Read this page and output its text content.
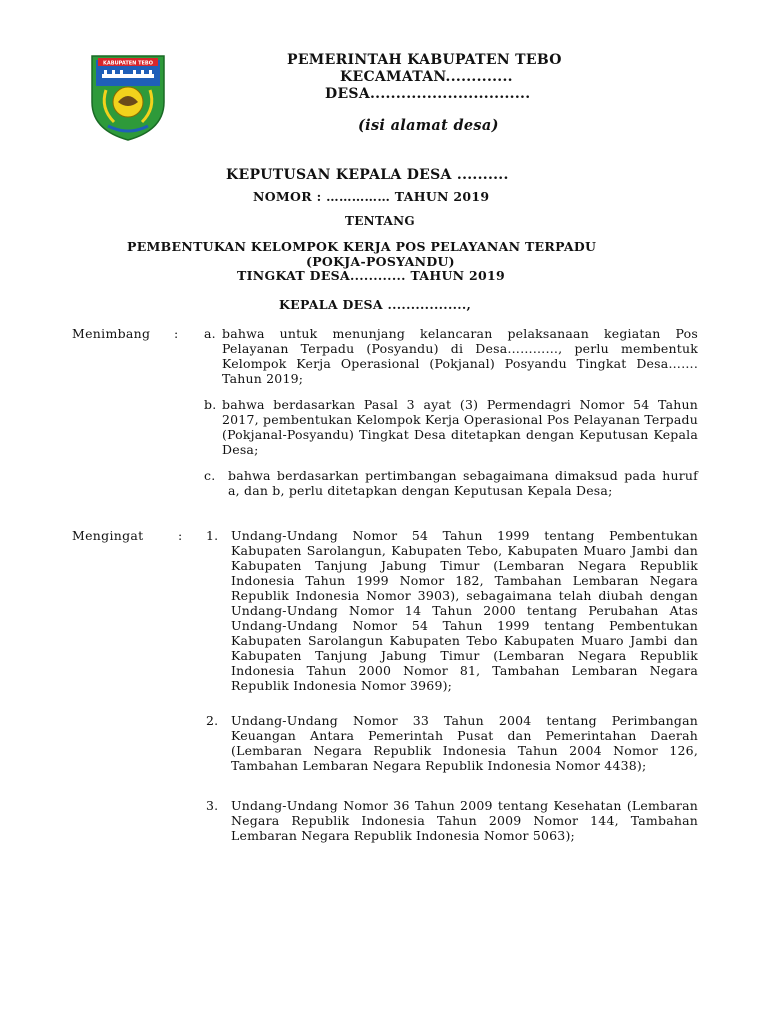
KABUPATEN TEBO	PEMERINTAH KABUPATEN TEBO
KECAMATAN.............
DESA...............................
(isi alamat desa)
KEPUTUSAN KEPALA DESA ..........
NOMOR : …………… TAHUN 2019
TENTANG
PEMBENTUKAN KELOMPOK KERJA POS PELAYANAN TERPADU
(POKJA-POSYANDU)
TINGKAT DESA............ TAHUN 2019
KEPALA DESA .................,
Menimbang : a. bahwa untuk menunjang kelancaran pelaksanaan kegiatan Pos Pelayanan Terpadu (Posyandu) di Desa…………, perlu membentuk Kelompok Kerja Operasional (Pokjanal) Posyandu Tingkat Desa……. Tahun 2019;
b. bahwa berdasarkan Pasal 3 ayat (3) Permendagri Nomor 54 Tahun 2017, pembentukan Kelompok Kerja Operasional Pos Pelayanan Terpadu (Pokjanal-Posyandu) Tingkat Desa ditetapkan dengan Keputusan Kepala Desa;
c. bahwa berdasarkan pertimbangan sebagaimana dimaksud pada huruf a, dan b, perlu ditetapkan dengan Keputusan Kepala Desa;
Mengingat	: 1. Undang-Undang Nomor 54 Tahun 1999 tentang Pembentukan Kabupaten Sarolangun, Kabupaten Tebo, Kabupaten Muaro Jambi dan Kabupaten Tanjung Jabung Timur (Lembaran Negara Republik Indonesia Tahun 1999 Nomor 182, Tambahan Lembaran Negara Republik Indonesia Nomor 3903), sebagaimana telah diubah dengan Undang-Undang Nomor 14 Tahun 2000 tentang Perubahan Atas Undang-Undang Nomor 54 Tahun 1999 tentang Pembentukan Kabupaten Sarolangun Kabupaten Tebo Kabupaten Muaro Jambi dan Kabupaten Tanjung Jabung Timur (Lembaran Negara Republik Indonesia Tahun 2000 Nomor 81, Tambahan Lembaran Negara Republik Indonesia Nomor 3969);
2. Undang-Undang Nomor 33 Tahun 2004 tentang Perimbangan Keuangan Antara Pemerintah Pusat dan Pemerintahan Daerah (Lembaran Negara Republik Indonesia Tahun 2004 Nomor 126, Tambahan Lembaran Negara Republik Indonesia Nomor 4438);
3. Undang-Undang Nomor 36 Tahun 2009 tentang Kesehatan (Lembaran Negara Republik Indonesia Tahun 2009 Nomor 144, Tambahan Lembaran Negara Republik Indonesia Nomor 5063);
